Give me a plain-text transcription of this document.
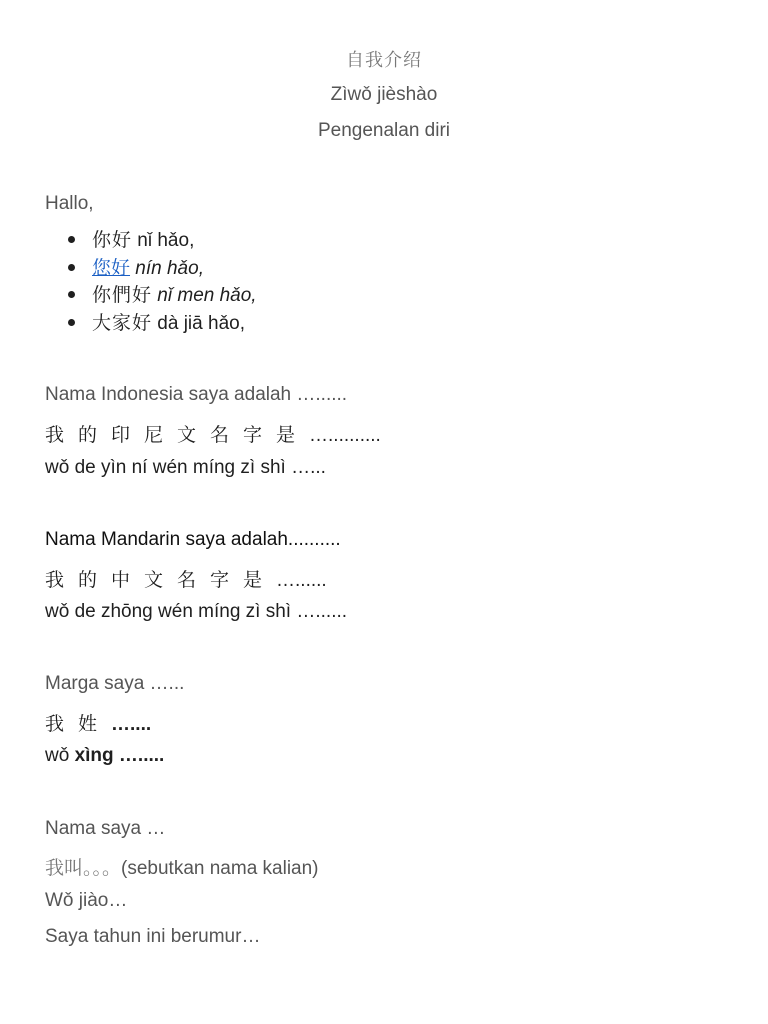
自我介绍
Zìwǒ jièshào
Pengenalan diri
Hallo,
你好 nǐ hǎo,
您好 nín hǎo,
你們好 nǐ men hǎo,
大家好 dà jiā hǎo,
Nama Indonesia saya adalah …......
我的印尼文名字是…..........
wǒ de yìn ní wén míng zì shì …...
Nama Mandarin saya adalah..........
我的中文名字是…......
wǒ de zhōng wén míng zì shì …......
Marga saya …...
我姓…....
wǒ xìng ….....
Nama saya …
我叫。。。(sebutkan nama kalian)
Wǒ jiào…
Saya tahun ini berumur…
